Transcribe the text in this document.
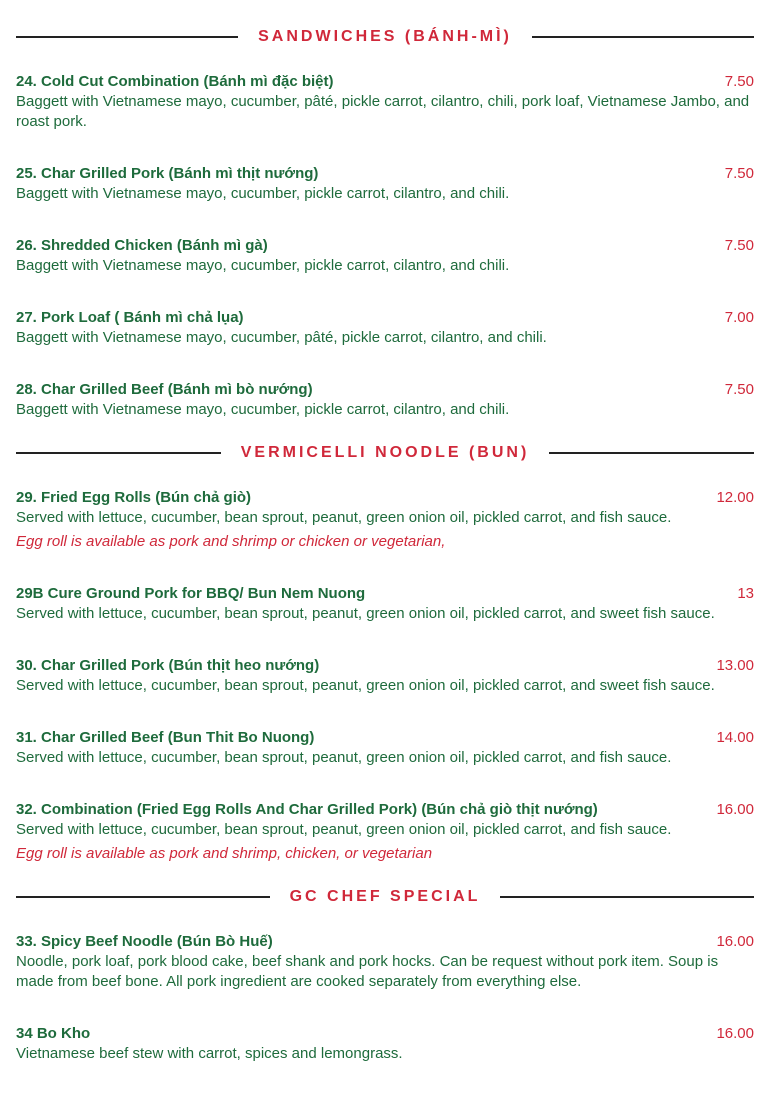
SANDWICHES (BÁNH-MÌ)
24. Cold Cut Combination (Bánh mì đặc biệt)	7.50

Baggett with Vietnamese mayo, cucumber, pâté, pickle carrot, cilantro, chili, pork loaf, Vietnamese Jambo, and roast pork.

25. Char Grilled Pork (Bánh mì thịt nướng)	7.50

Baggett with Vietnamese mayo, cucumber, pickle carrot, cilantro, and chili.

26. Shredded Chicken (Bánh mì gà)	7.50

Baggett with Vietnamese mayo, cucumber, pickle carrot, cilantro, and chili.

27. Pork Loaf ( Bánh mì chả lụa)	7.00

Baggett with Vietnamese mayo, cucumber, pâté, pickle carrot, cilantro, and chili.

28. Char Grilled Beef (Bánh mì bò nướng)	7.50

Baggett with Vietnamese mayo, cucumber, pickle carrot, cilantro, and chili.

VERMICELLI NOODLE (BUN)
29. Fried Egg Rolls (Bún chả giò)	12.00

Served with lettuce, cucumber, bean sprout, peanut, green onion oil, pickled carrot, and fish sauce.

Egg roll is available as pork and shrimp or chicken or vegetarian,

29B Cure Ground Pork for BBQ/ Bun Nem Nuong	13

Served with lettuce, cucumber, bean sprout, peanut, green onion oil, pickled carrot, and sweet fish sauce.

30. Char Grilled Pork (Bún thịt heo nướng)	13.00

Served with lettuce, cucumber, bean sprout, peanut, green onion oil, pickled carrot, and sweet fish sauce.

31. Char Grilled Beef (Bun Thit Bo Nuong)	14.00

Served with lettuce, cucumber, bean sprout, peanut, green onion oil, pickled carrot, and fish sauce.

32. Combination (Fried Egg Rolls And Char Grilled Pork) (Bún chả giò thịt nướng)	16.00

Served with lettuce, cucumber, bean sprout, peanut, green onion oil, pickled carrot, and fish sauce.

Egg roll is available as pork and shrimp, chicken, or vegetarian

GC CHEF SPECIAL
33. Spicy Beef Noodle (Bún Bò Huế)	16.00

Noodle, pork loaf, pork blood cake, beef shank and pork hocks. Can be request without pork item. Soup is made from beef bone. All pork ingredient are cooked separately from everything else.

34 Bo Kho	16.00

Vietnamese beef stew with carrot, spices and lemongrass.
